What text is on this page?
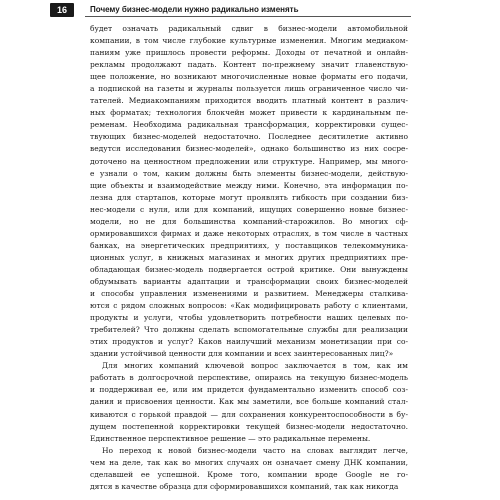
16	Почему бизнес-модели нужно радикально изменять

будет означать радикальный сдвиг в бизнес-модели автомобильной
компании, в том числе глубокие культурные изменения. Многим медиаком-
паниям уже пришлось провести реформы. Доходы от печатной и онлайн-
рекламы продолжают падать. Контент по-прежнему значит главенствую-
щее положение, но возникают многочисленные новые форматы его подачи,
а подпиской на газеты и журналы пользуется лишь ограниченное число чи-
тателей. Медиакомпаниям приходится вводить платный контент в различ-
ных форматах; технология блокчейн может привести к кардинальным пе-
ременам. Необходима радикальная трансформация, корректировки сущес-
твующих бизнес-моделей недостаточно. Последнее десятилетие активно
ведутся исследования бизнес-моделей», однако большинство из них сосре-
доточено на ценностном предложении или структуре. Например, мы много-
е узнали о том, каким должны быть элементы бизнес-модели, действую-
щие объекты и взаимодействие между ними. Конечно, эта информация по-
лезна для стартапов, которые могут проявлять гибкость при создании биз-
нес-модели с нуля, или для компаний, ищущих совершенно новые бизнес-
модели, но не для большинства компаний-старожилов. Во многих сф-
ормировавшихся фирмах и даже некоторых отраслях, в том числе в частных
банках, на энергетических предприятиях, у поставщиков телекоммуника-
ционных услуг, в книжных магазинах и многих других предприятиях пре-
обладающая бизнес-модель подвергается острой критике. Они вынуждены
обдумывать варианты адаптации и трансформации своих бизнес-моделей
и способы управления изменениями и развитием. Менеджеры сталкива-
ются с рядом сложных вопросов: «Как модифицировать работу с клиентами,
продукты и услуги, чтобы удовлетворить потребности наших целевых по-
требителей? Что должны сделать вспомогательные службы для реализации
этих продуктов и услуг? Каков наилучший механизм монетизации при со-
здании устойчивой ценности для компании и всех заинтересованных лиц?»

Для многих компаний ключевой вопрос заключается в том, как им
работать в долгосрочной перспективе, опираясь на текущую бизнес-модель
и поддерживая ее, или им придется фундаментально изменить способ соз-
дания и присвоения ценности. Как мы заметили, все больше компаний стал-
киваются с горькой правдой — для сохранения конкурентоспособности в бу-
дущем постепенной корректировки текущей бизнес-модели недостаточно.
Единственное перспективное решение — это радикальные перемены.

Но переход к новой бизнес-модели часто на словах выглядит легче,
чем на деле, так как во многих случаях он означает смену ДНК компании,
сделавшей ее успешной. Кроме того, компании вроде Google не го-
дятся в качестве образца для сформировавшихся компаний, так как никогда
